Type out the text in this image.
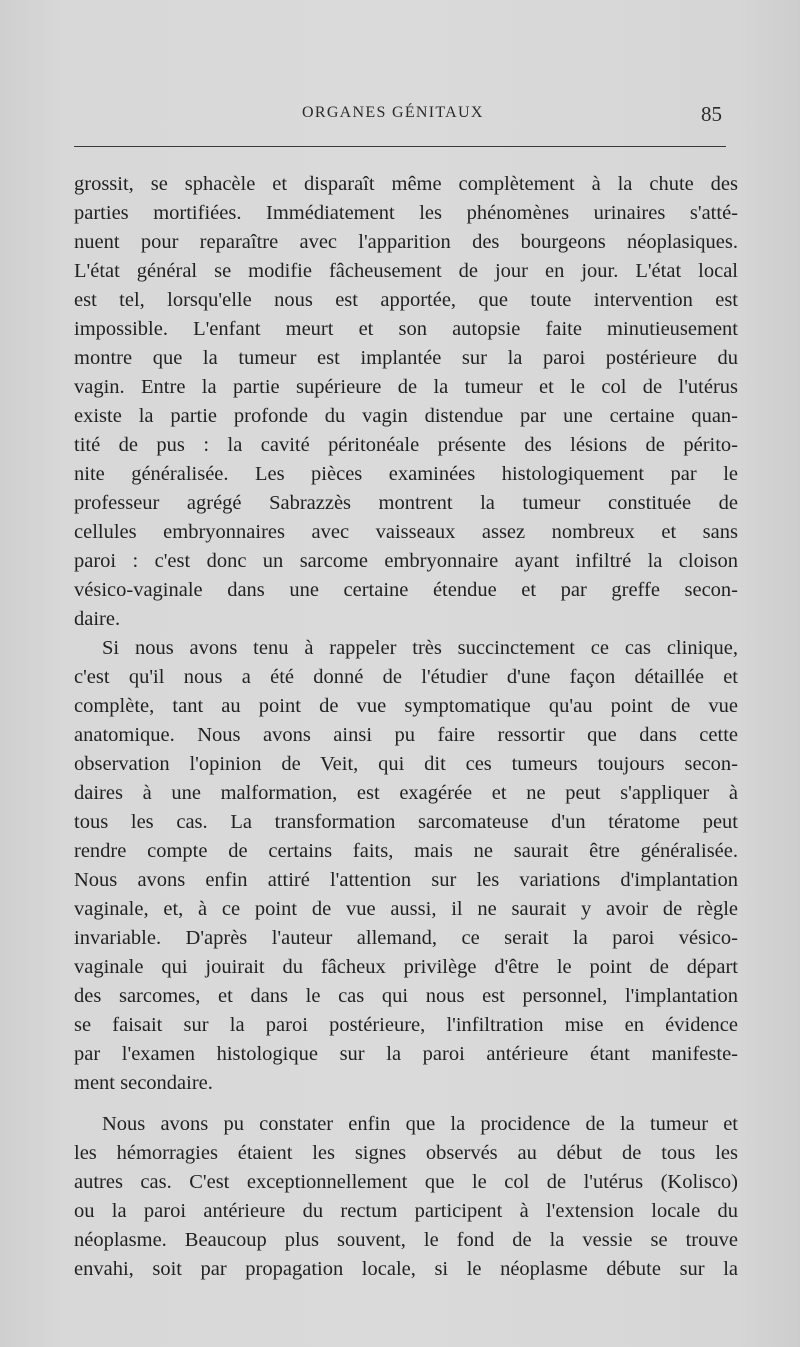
ORGANES GÉNITAUX	85
grossit, se sphacèle et disparaît même complètement à la chute des
parties mortifiées. Immédiatement les phénomènes urinaires s'atté-
nuent pour reparaître avec l'apparition des bourgeons néoplasiques.
L'état général se modifie fâcheusement de jour en jour. L'état local
est tel, lorsqu'elle nous est apportée, que toute intervention est
impossible. L'enfant meurt et son autopsie faite minutieusement
montre que la tumeur est implantée sur la paroi postérieure du
vagin. Entre la partie supérieure de la tumeur et le col de l'utérus
existe la partie profonde du vagin distendue par une certaine quan-
tité de pus : la cavité péritonéale présente des lésions de périto-
nite généralisée. Les pièces examinées histologiquement par le
professeur agrégé Sabrazzès montrent la tumeur constituée de
cellules embryonnaires avec vaisseaux assez nombreux et sans
paroi : c'est donc un sarcome embryonnaire ayant infiltré la cloison
vésico-vaginale dans une certaine étendue et par greffe secon-
daire.
Si nous avons tenu à rappeler très succinctement ce cas clinique,
c'est qu'il nous a été donné de l'étudier d'une façon détaillée et
complète, tant au point de vue symptomatique qu'au point de vue
anatomique. Nous avons ainsi pu faire ressortir que dans cette
observation l'opinion de Veit, qui dit ces tumeurs toujours secon-
daires à une malformation, est exagérée et ne peut s'appliquer à
tous les cas. La transformation sarcomateuse d'un tératome peut
rendre compte de certains faits, mais ne saurait être généralisée.
Nous avons enfin attiré l'attention sur les variations d'implantation
vaginale, et, à ce point de vue aussi, il ne saurait y avoir de règle
invariable. D'après l'auteur allemand, ce serait la paroi vésico-
vaginale qui jouirait du fâcheux privilège d'être le point de départ
des sarcomes, et dans le cas qui nous est personnel, l'implantation
se faisait sur la paroi postérieure, l'infiltration mise en évidence
par l'examen histologique sur la paroi antérieure étant manifeste-
ment secondaire.
Nous avons pu constater enfin que la procidence de la tumeur et
les hémorragies étaient les signes observés au début de tous les
autres cas. C'est exceptionnellement que le col de l'utérus (Kolisco)
ou la paroi antérieure du rectum participent à l'extension locale du
néoplasme. Beaucoup plus souvent, le fond de la vessie se trouve
envahi, soit par propagation locale, si le néoplasme débute sur la
